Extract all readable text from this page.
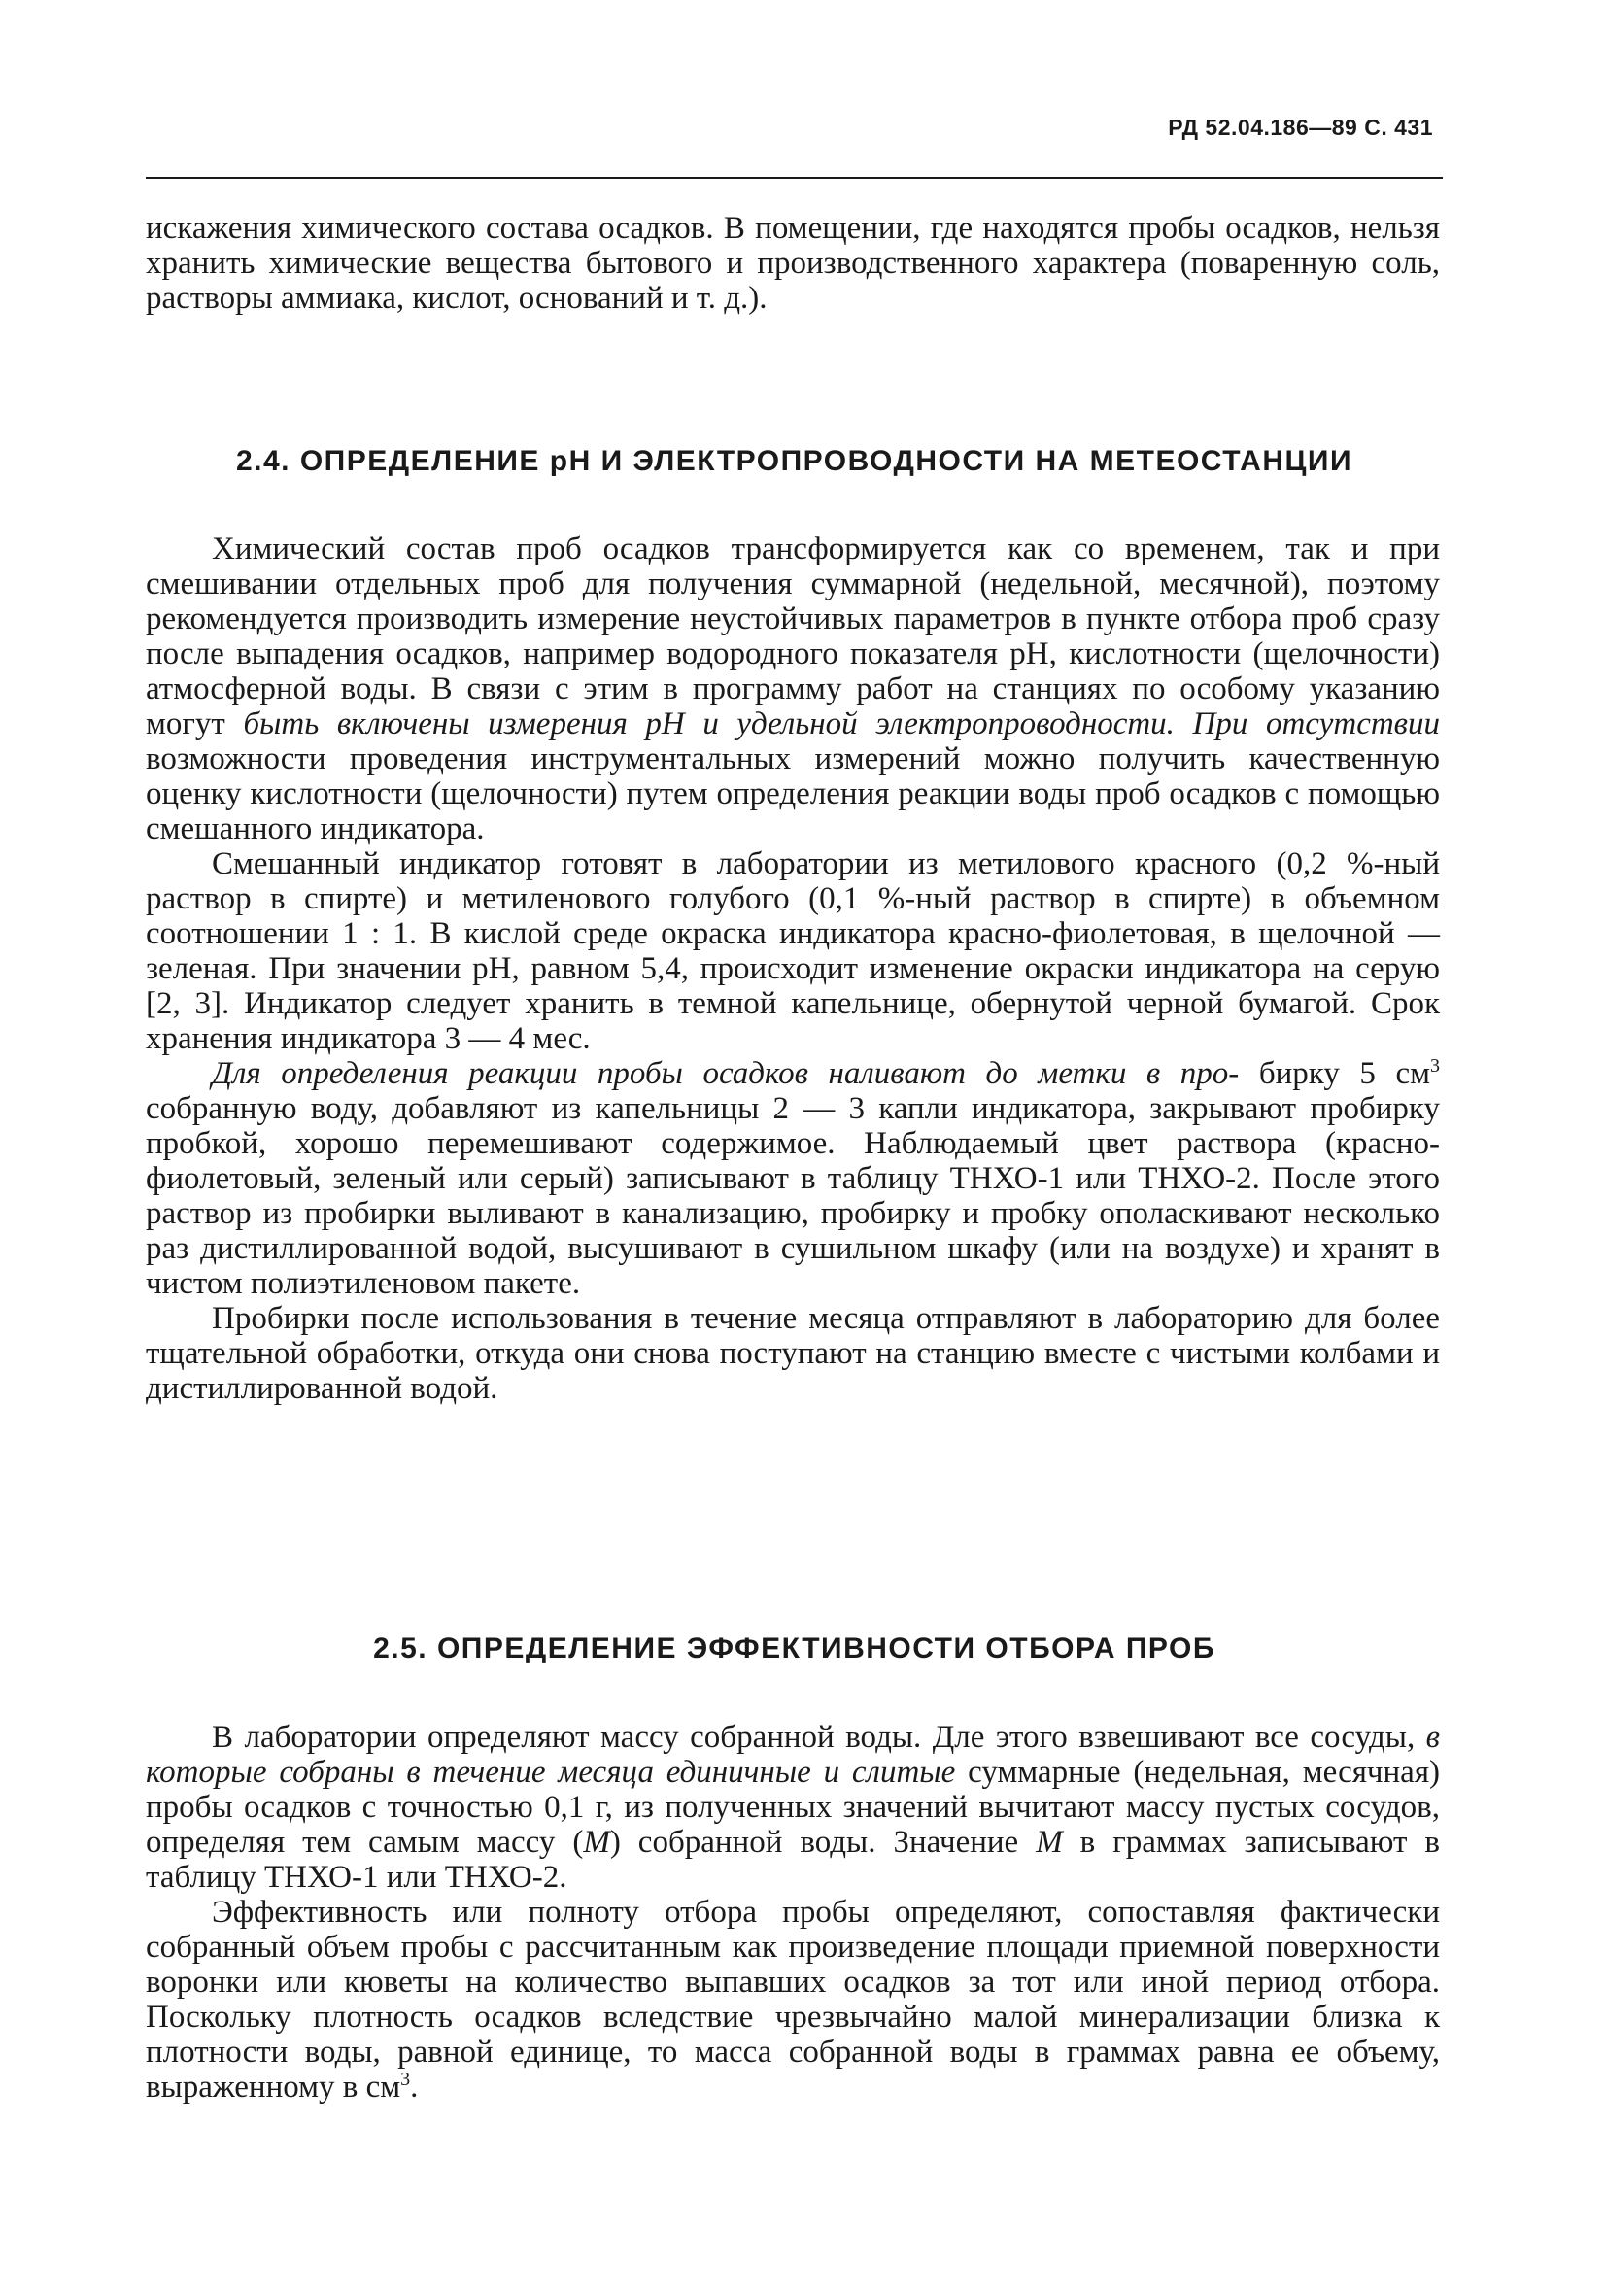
РД 52.04.186—89 С. 431

искажения химического состава осадков. В помещении, где находятся пробы осадков, нельзя хранить химические вещества бытового и производственного характера (поваренную соль, растворы аммиака, кислот, оснований и т. д.).

2.4. ОПРЕДЕЛЕНИЕ pH И ЭЛЕКТРОПРОВОДНОСТИ НА МЕТЕОСТАНЦИИ

Химический состав проб осадков трансформируется как со временем, так и при смешивании отдельных проб для получения суммарной (недельной, месячной), поэтому рекомендуется производить измерение неустойчивых параметров в пункте отбора проб сразу после выпадения осадков, например водородного показателя pH, кислотности (щелочности) атмосферной воды. В связи с этим в программу работ на станциях по особому указанию могут быть включены измерения pH и удельной электропроводности. При отсутствии возможности проведения инструментальных измерений можно получить качественную оценку кислотности (щелочности) путем определения реакции воды проб осадков с помощью смешанного индикатора.

Смешанный индикатор готовят в лаборатории из метилового красного (0,2 %-ный раствор в спирте) и метиленового голубого (0,1 %-ный раствор в спирте) в объемном соотношении 1 : 1. В кислой среде окраска индикатора красно-фиолетовая, в щелочной — зеленая. При значении pH, равном 5,4, происходит изменение окраски индикатора на серую [2, 3]. Индикатор следует хранить в темной капельнице, обернутой черной бумагой. Срок хранения индикатора 3 — 4 мес.

Для определения реакции пробы осадков наливают до метки в про- бирку 5 $см^3$ собранную воду, добавляют из капельницы 2 — 3 капли индикатора, закрывают пробирку пробкой, хорошо перемешивают содержимое. Наблюдаемый цвет раствора (красно-фиолетовый, зеленый или серый) записывают в таблицу ТНХО-1 или ТНХО-2. После этого раствор из пробирки выливают в канализацию, пробирку и пробку ополаскивают несколько раз дистиллированной водой, высушивают в сушильном шкафу (или на воздухе) и хранят в чистом полиэтиленовом пакете.

Пробирки после использования в течение месяца отправляют в лабораторию для более тщательной обработки, откуда они снова поступают на станцию вместе с чистыми колбами и дистиллированной водой.

2.5. ОПРЕДЕЛЕНИЕ ЭФФЕКТИВНОСТИ ОТБОРА ПРОБ

В лаборатории определяют массу собранной воды. Дле этого взвешивают все сосуды, в которые собраны в течение месяца единичные и слитые суммарные (недельная, месячная) пробы осадков с точностью 0,1 г, из полученных значений вычитают массу пустых сосудов, определяя тем самым массу (М) собранной воды. Значение М в граммах записывают в таблицу ТНХО-1 или ТНХО-2.

Эффективность или полноту отбора пробы определяют, сопоставляя фактически собранный объем пробы с рассчитанным как произведение площади приемной поверхности воронки или кюветы на количество выпавших осадков за тот или иной период отбора. Поскольку плотность осадков вследствие чрезвычайно малой минерализации близка к плотности воды, равной единице, то масса собранной воды в граммах равна ее объему, выраженному в $см^3$.
